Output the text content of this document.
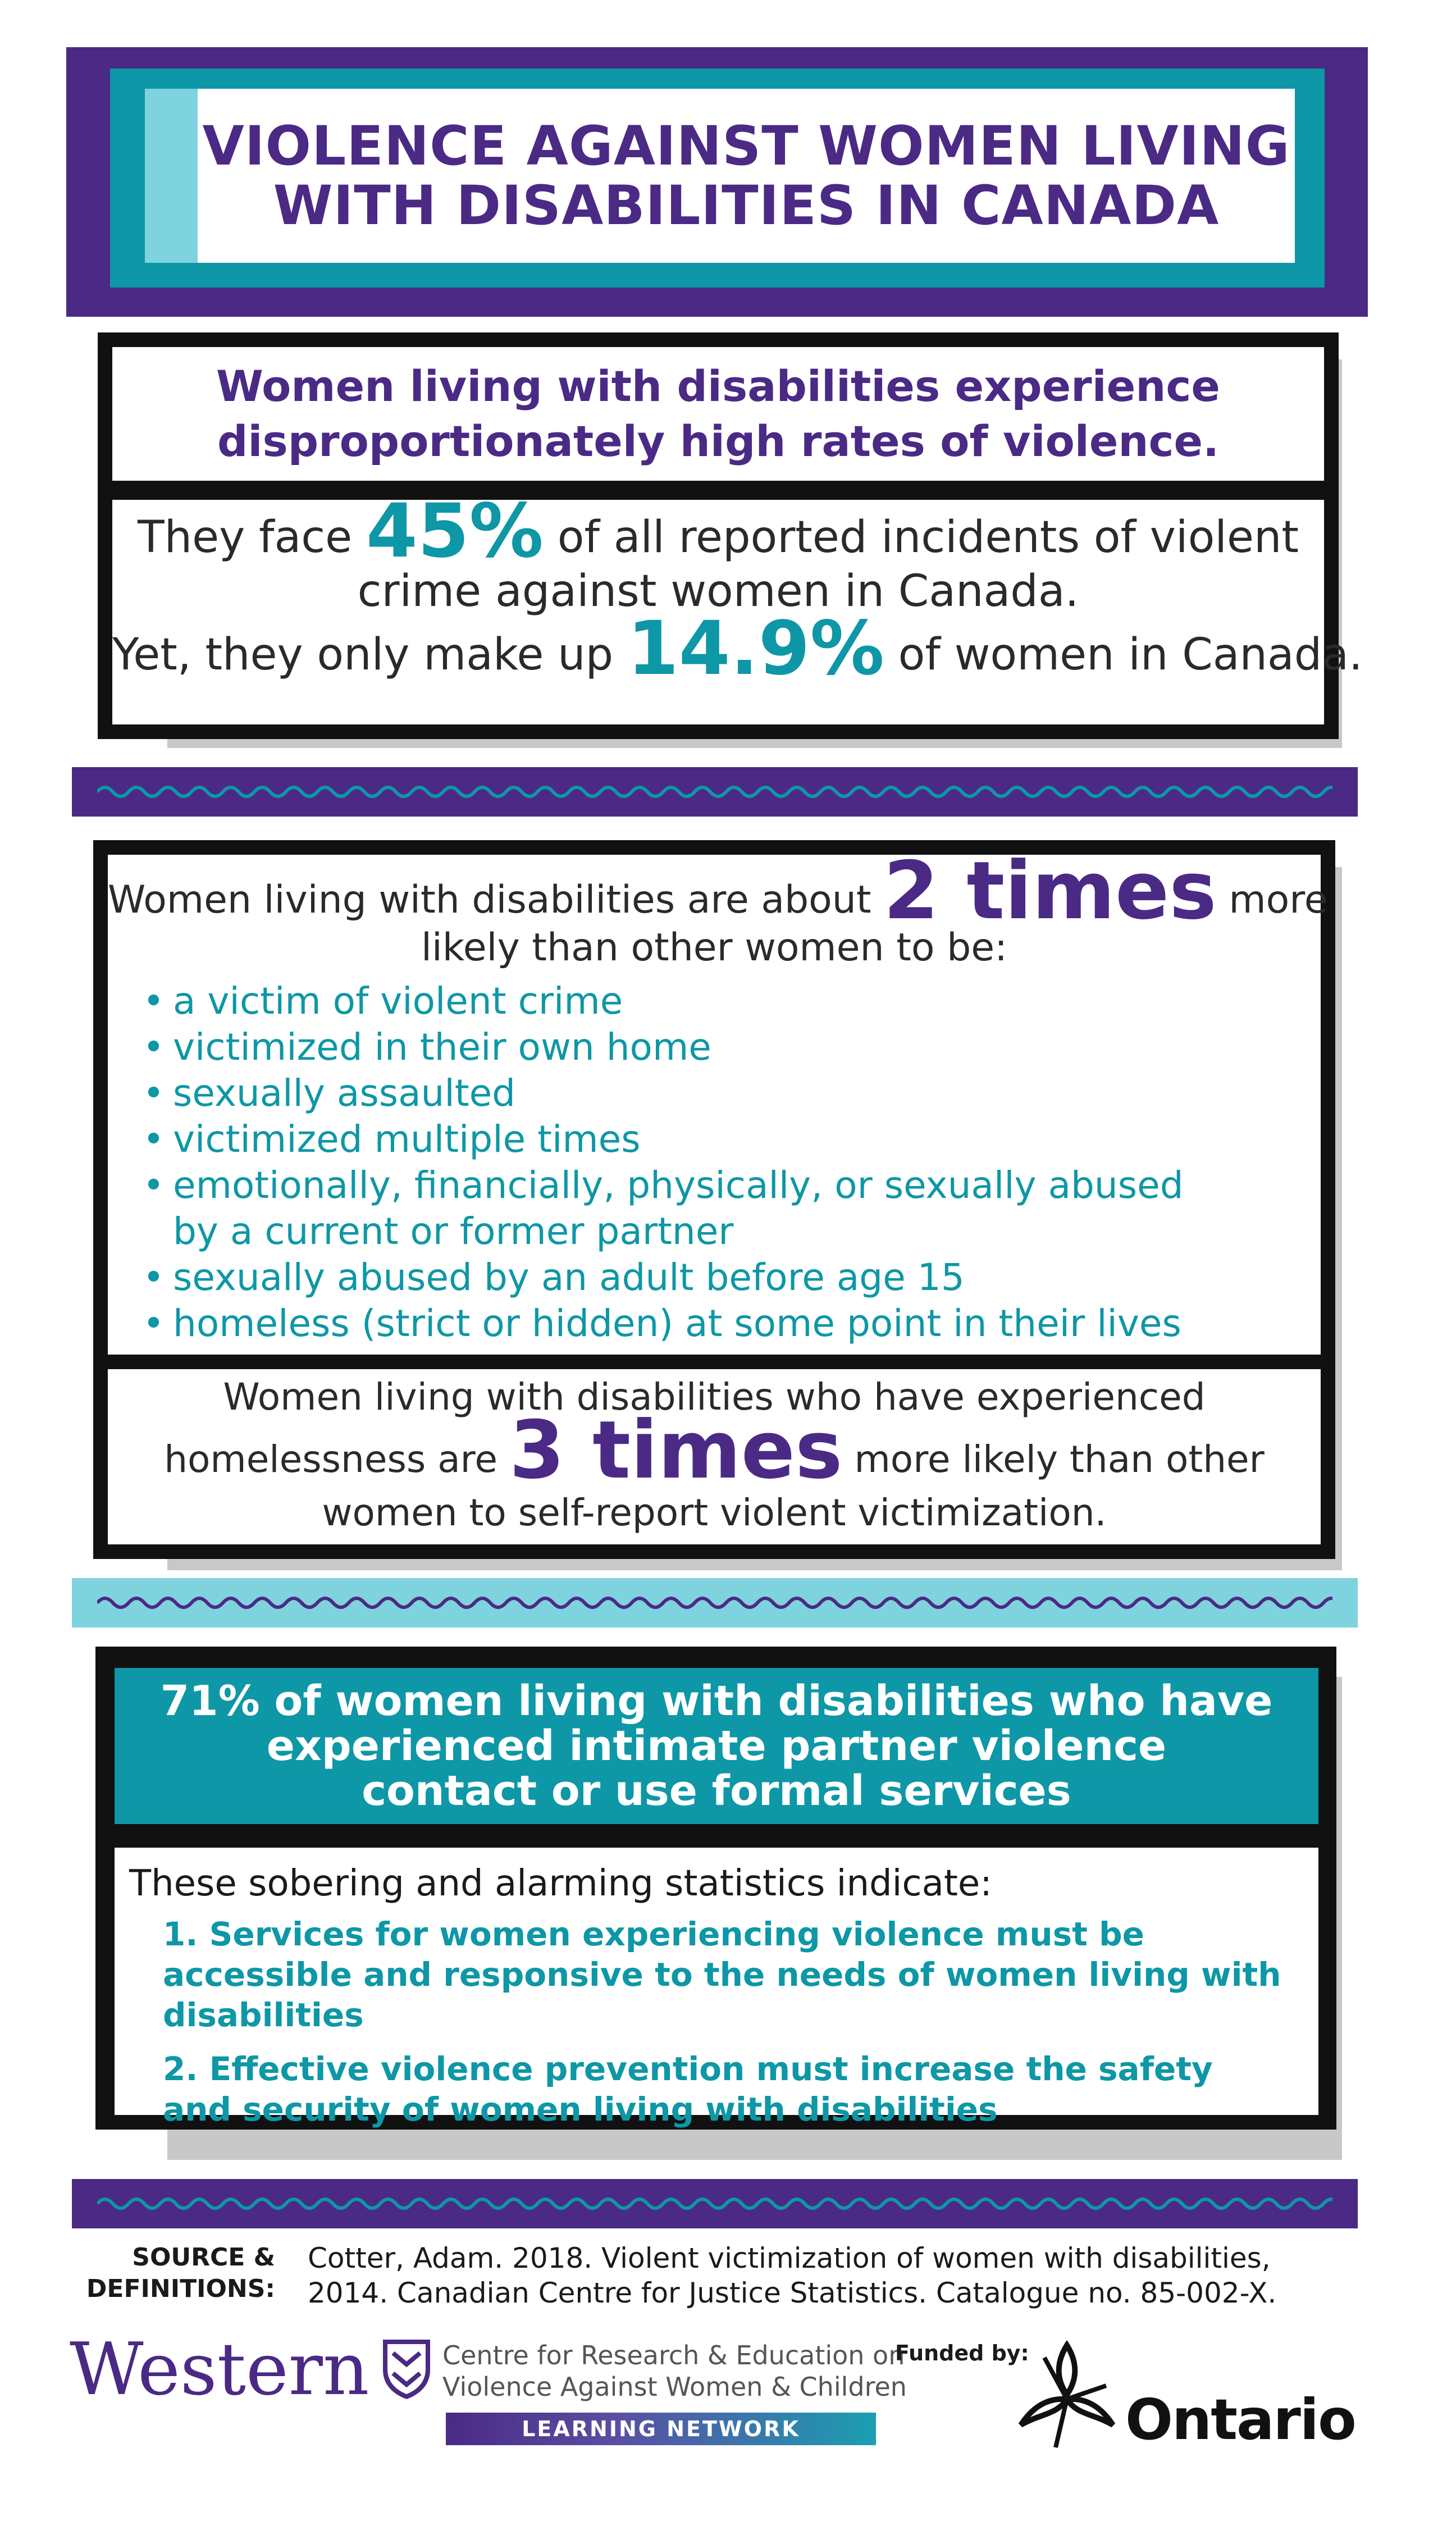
VIOLENCE AGAINST WOMEN LIVING
WITH DISABILITIES IN CANADA
Women living with disabilities experience
disproportionately high rates of violence.
They face 45% of all reported incidents of violent
crime against women in Canada.
Yet, they only make up 14.9% of women in Canada.
Women living with disabilities are about 2 times more
likely than other women to be:
• a victim of violent crime
• victimized in their own home
• sexually assaulted
• victimized multiple times
• emotionally, financially, physically, or sexually abused by a current or former partner
• sexually abused by an adult before age 15
• homeless (strict or hidden) at some point in their lives
Women living with disabilities who have experienced
homelessness are 3 times more likely than other
women to self-report violent victimization.
71% of women living with disabilities who have
experienced intimate partner violence
contact or use formal services
These sobering and alarming statistics indicate:
1. Services for women experiencing violence must be accessible and responsive to the needs of women living with disabilities
2. Effective violence prevention must increase the safety and security of women living with disabilities
SOURCE &
DEFINITIONS:
Cotter, Adam. 2018. Violent victimization of women with disabilities,
2014. Canadian Centre for Justice Statistics. Catalogue no. 85-002-X.
Western	Centre for Research & Education on
Violence Against Women & Children
LEARNING NETWORK
Funded by:
Ontario
